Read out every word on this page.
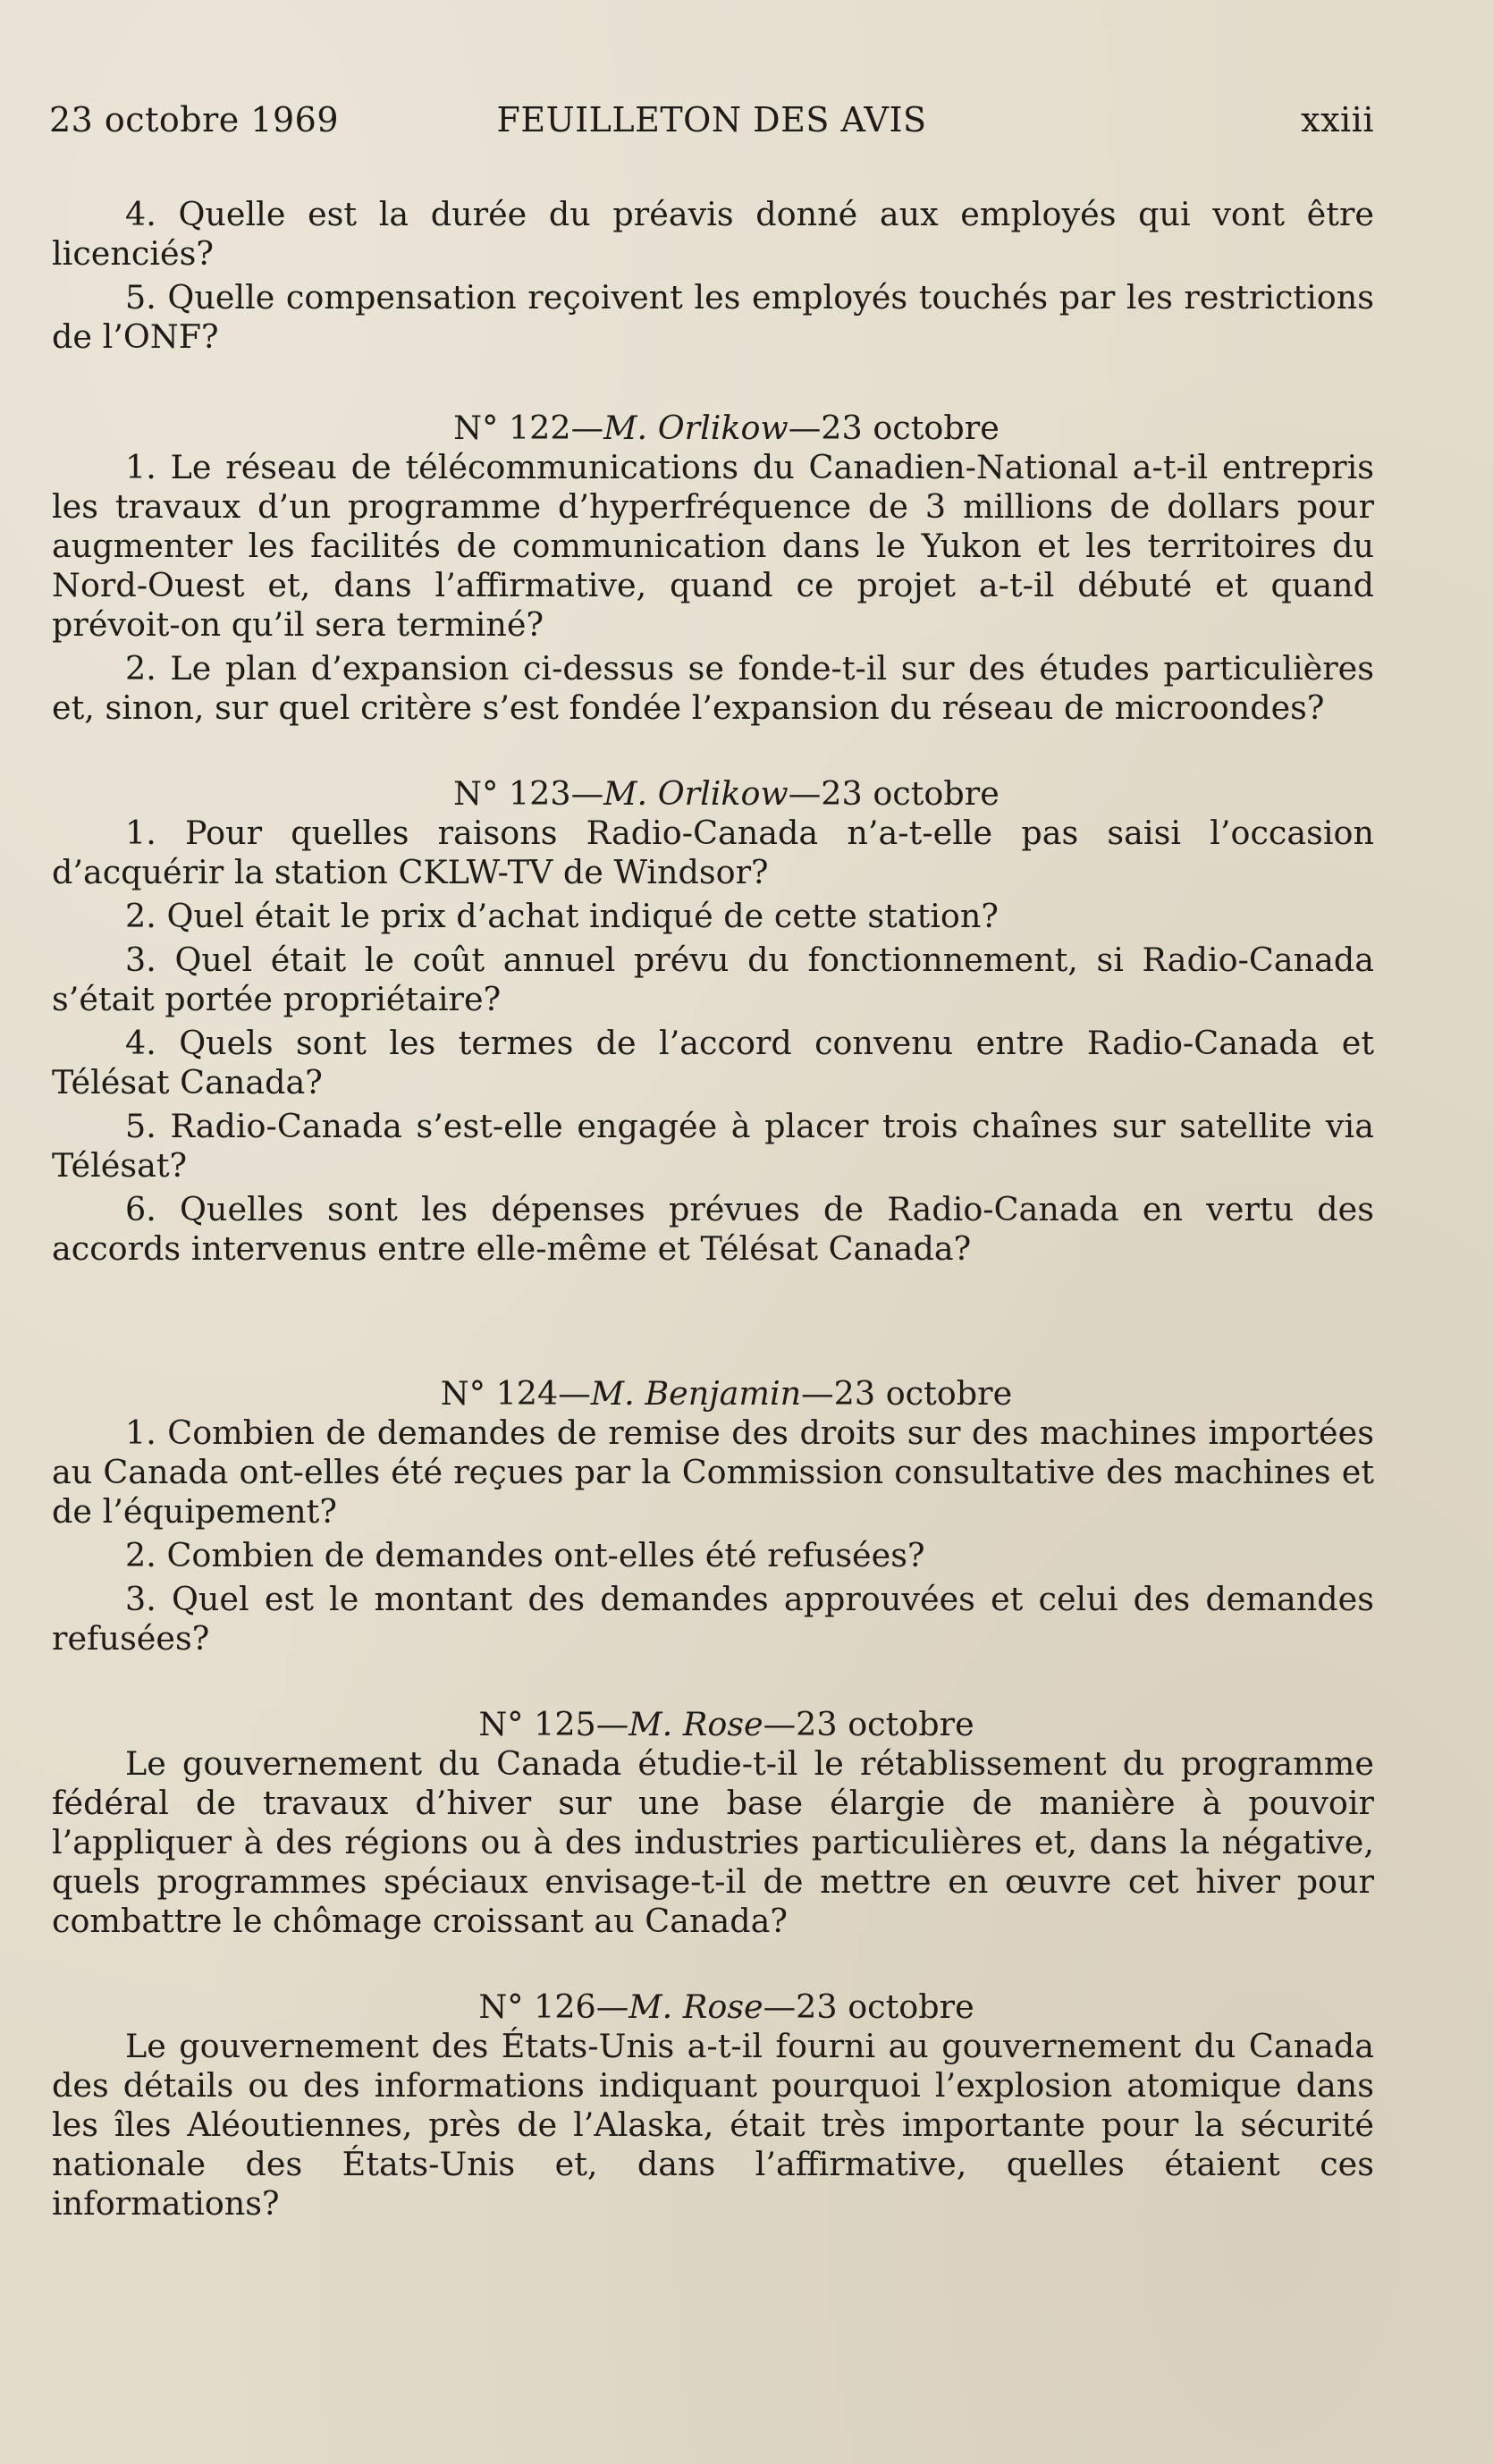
23 octobre 1969	FEUILLETON DES AVIS	xxiii

4. Quelle est la durée du préavis donné aux employés qui vont être licenciés?

5. Quelle compensation reçoivent les employés touchés par les restrictions de l’ONF?

N° 122—M. Orlikow—23 octobre

1. Le réseau de télécommunications du Canadien-National a-t-il entrepris les travaux d’un programme d’hyperfréquence de 3 millions de dollars pour augmenter les facilités de communication dans le Yukon et les territoires du Nord-Ouest et, dans l’affirmative, quand ce projet a-t-il débuté et quand prévoit-on qu’il sera terminé?

2. Le plan d’expansion ci-dessus se fonde-t-il sur des études particulières et, sinon, sur quel critère s’est fondée l’expansion du réseau de microondes?

N° 123—M. Orlikow—23 octobre

1. Pour quelles raisons Radio-Canada n’a-t-elle pas saisi l’occasion d’acquérir la station CKLW-TV de Windsor?

2. Quel était le prix d’achat indiqué de cette station?

3. Quel était le coût annuel prévu du fonctionnement, si Radio-Canada s’était portée propriétaire?

4. Quels sont les termes de l’accord convenu entre Radio-Canada et Télésat Canada?

5. Radio-Canada s’est-elle engagée à placer trois chaînes sur satellite via Télésat?

6. Quelles sont les dépenses prévues de Radio-Canada en vertu des accords intervenus entre elle-même et Télésat Canada?

N° 124—M. Benjamin—23 octobre

1. Combien de demandes de remise des droits sur des machines importées au Canada ont-elles été reçues par la Commission consultative des machines et de l’équipement?

2. Combien de demandes ont-elles été refusées?

3. Quel est le montant des demandes approuvées et celui des demandes refusées?

N° 125—M. Rose—23 octobre

Le gouvernement du Canada étudie-t-il le rétablissement du programme fédéral de travaux d’hiver sur une base élargie de manière à pouvoir l’appliquer à des régions ou à des industries particulières et, dans la négative, quels programmes spéciaux envisage-t-il de mettre en œuvre cet hiver pour combattre le chômage croissant au Canada?

N° 126—M. Rose—23 octobre

Le gouvernement des États-Unis a-t-il fourni au gouvernement du Canada des détails ou des informations indiquant pourquoi l’explosion atomique dans les îles Aléoutiennes, près de l’Alaska, était très importante pour la sécurité nationale des États-Unis et, dans l’affirmative, quelles étaient ces informations?
